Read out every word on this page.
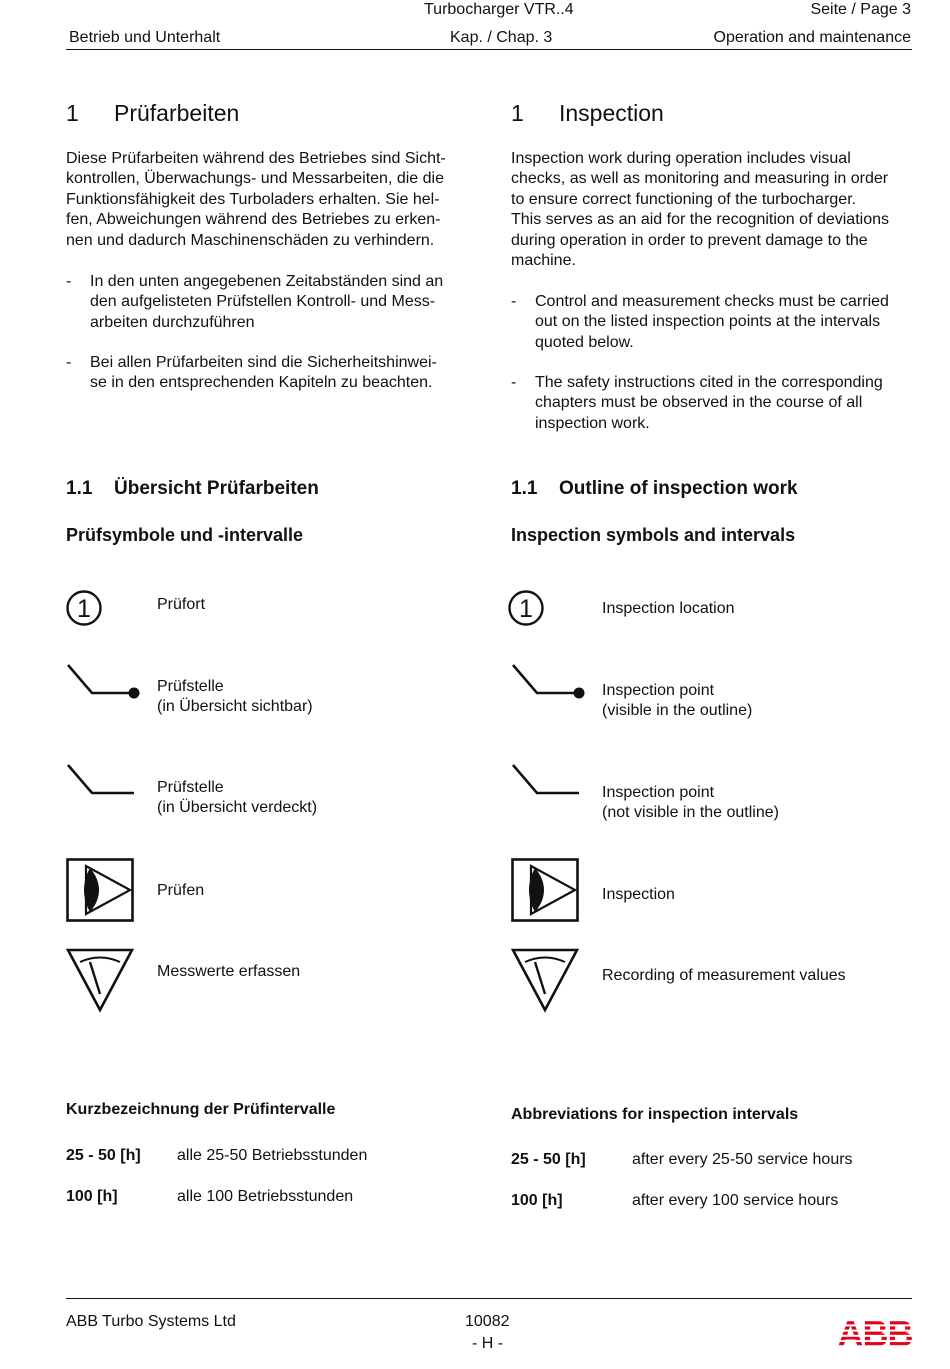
Turbocharger VTR..4	Seite / Page 3
Betrieb und Unterhalt	Kap. / Chap. 3	Operation and maintenance
1 Prüfarbeiten
Diese Prüfarbeiten während des Betriebes sind Sicht-
kontrollen, Überwachungs- und Messarbeiten, die die
Funktionsfähigkeit des Turboladers erhalten. Sie hel-
fen, Abweichungen während des Betriebes zu erken-
nen und dadurch Maschinenschäden zu verhindern.
- In den unten angegebenen Zeitabständen sind an
den aufgelisteten Prüfstellen Kontroll- und Mess-
arbeiten durchzuführen
- Bei allen Prüfarbeiten sind die Sicherheitshinwei-
se in den entsprechenden Kapiteln zu beachten.
1.1 Übersicht Prüfarbeiten
Prüfsymbole und -intervalle
1	Prüfort
Prüfstelle
(in Übersicht sichtbar)
Prüfstelle
(in Übersicht verdeckt)
Prüfen
Messwerte erfassen
Kurzbezeichnung der Prüfintervalle
25 - 50 [h] alle 25-50 Betriebsstunden
100 [h]	alle 100 Betriebsstunden
1 Inspection
Inspection work during operation includes visual
checks, as well as monitoring and measuring in order
to ensure correct functioning of the turbocharger.
This serves as an aid for the recognition of deviations
during operation in order to prevent damage to the
machine.
- Control and measurement checks must be carried
out on the listed inspection points at the intervals
quoted below.
- The safety instructions cited in the corresponding
chapters must be observed in the course of all
inspection work.
1.1 Outline of inspection work
Inspection symbols and intervals
1	Inspection location
Inspection point
(visible in the outline)
Inspection point
(not visible in the outline)
Inspection
Recording of measurement values
Abbreviations for inspection intervals
25 - 50 [h]	after every 25-50 service hours
100 [h]	after every 100 service hours
ABB Turbo Systems Ltd	10082
- H -	ABB
